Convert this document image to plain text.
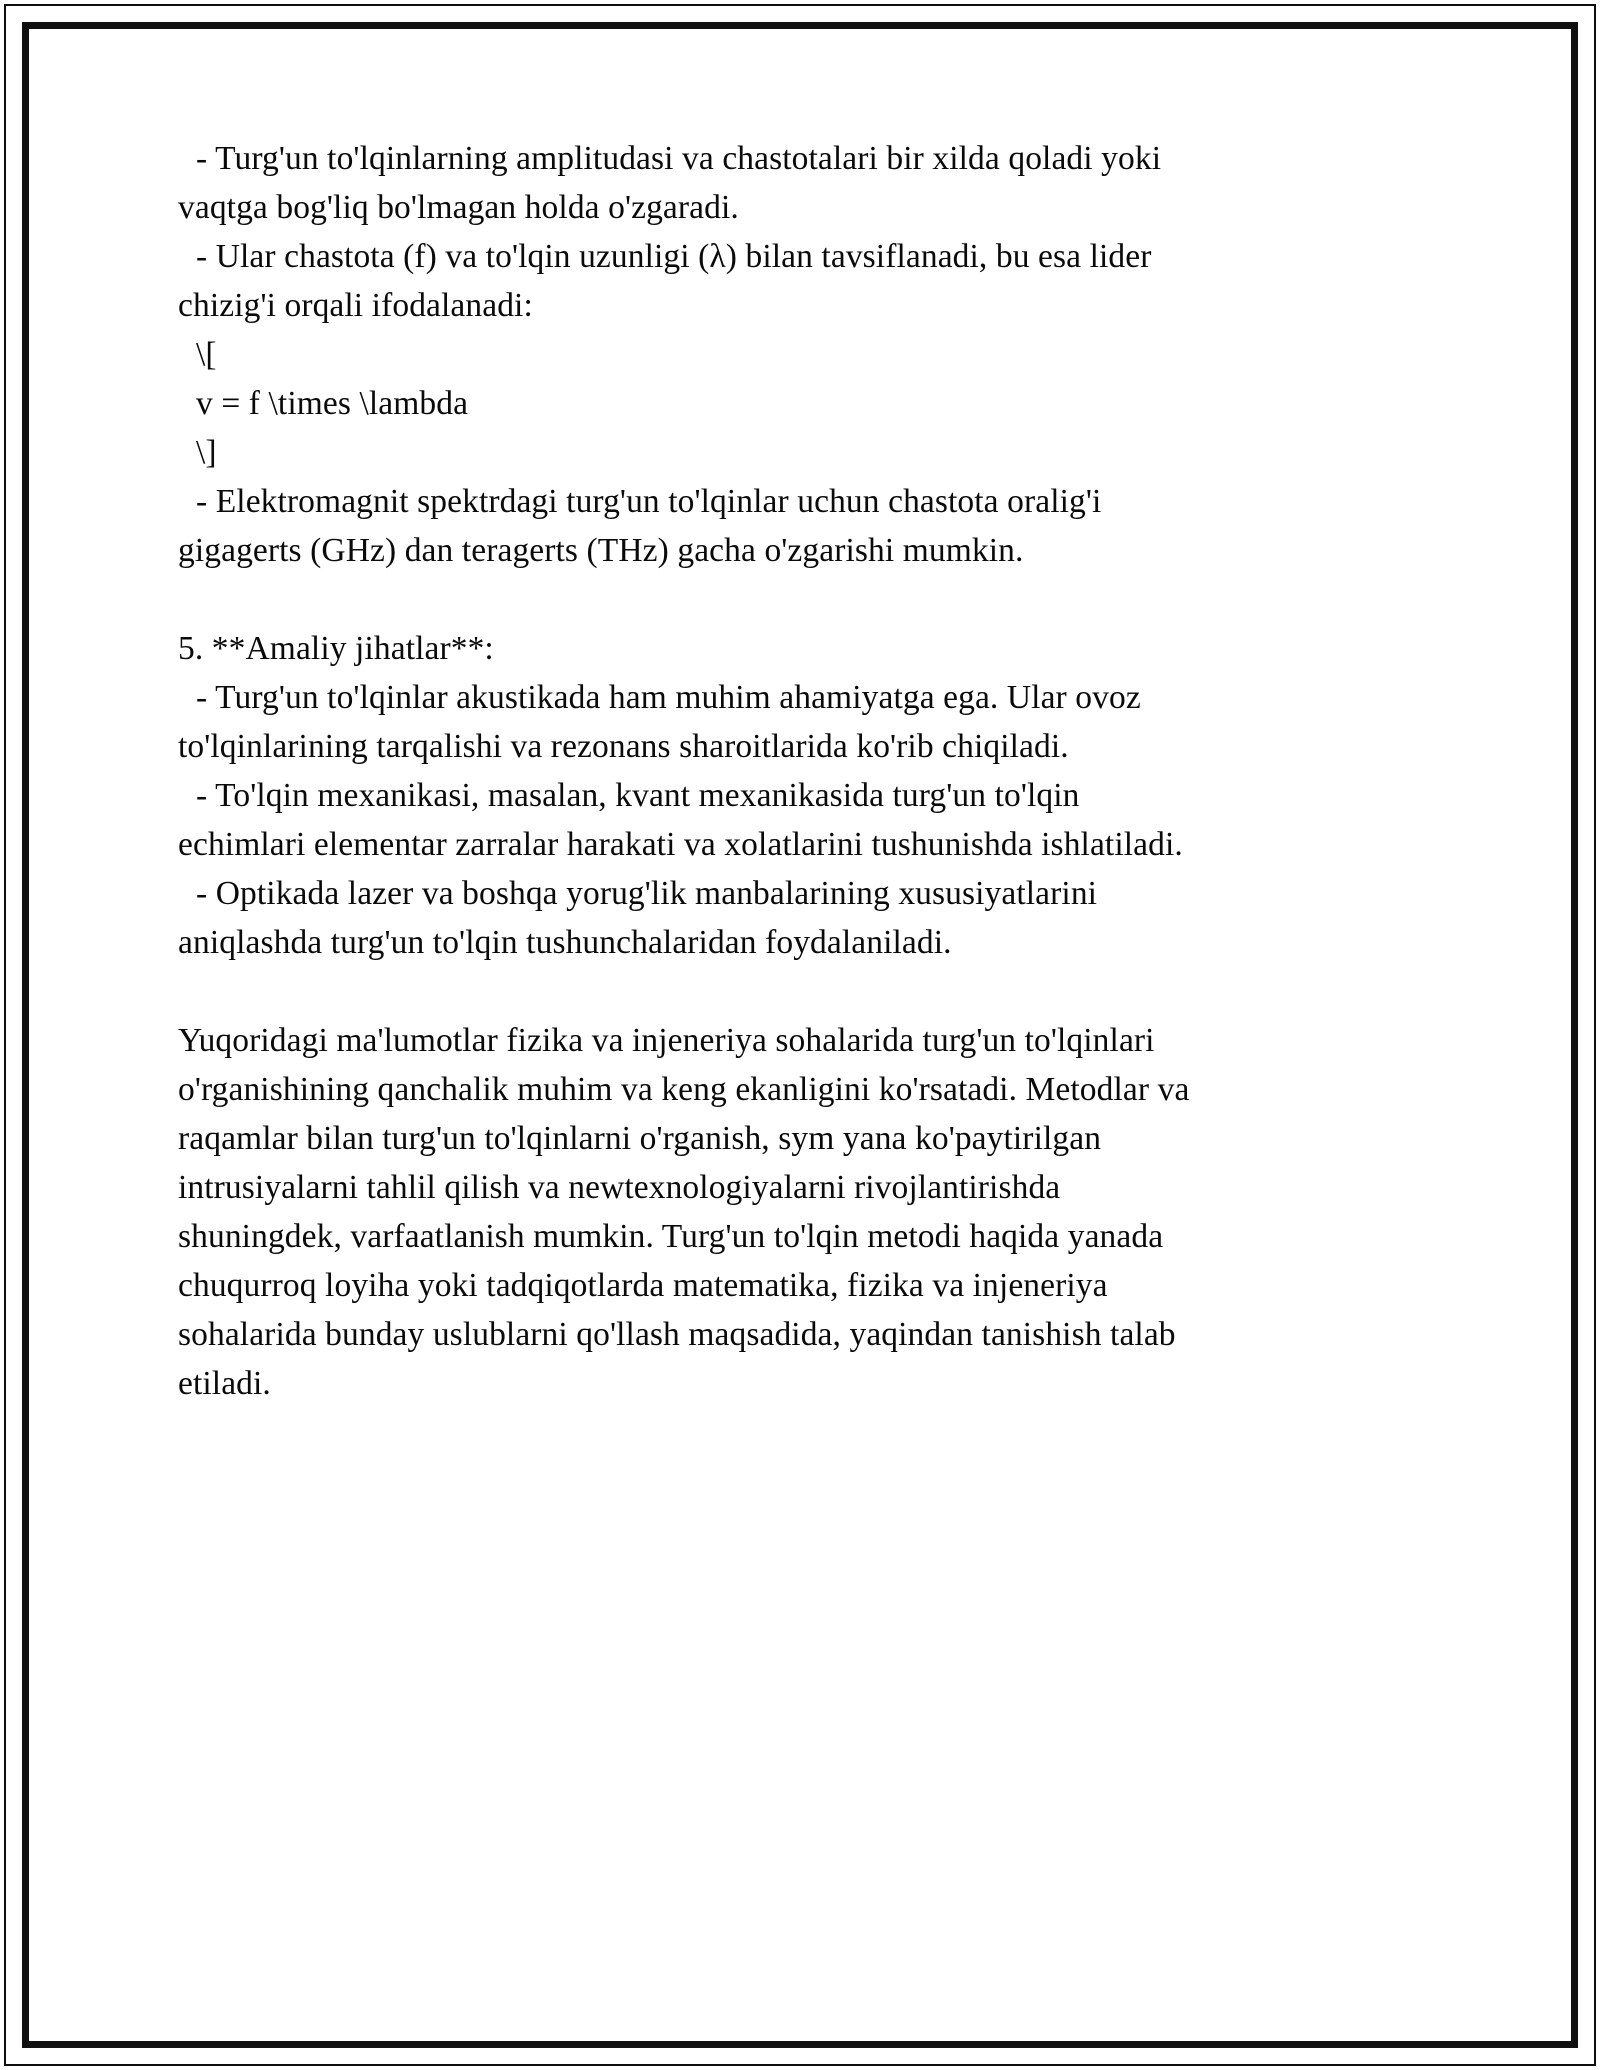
- Turg'un to'lqinlarning amplitudasi va chastotalari bir xilda qoladi yoki
vaqtga bog'liq bo'lmagan holda o'zgaradi.
- Ular chastota (f) va to'lqin uzunligi (λ) bilan tavsiflanadi, bu esa lider
chizig'i orqali ifodalanadi:
\[
v = f \times \lambda
\]
- Elektromagnit spektrdagi turg'un to'lqinlar uchun chastota oralig'i
gigagerts (GHz) dan teragerts (THz) gacha o'zgarishi mumkin.
5. **Amaliy jihatlar**:
- Turg'un to'lqinlar akustikada ham muhim ahamiyatga ega. Ular ovoz
to'lqinlarining tarqalishi va rezonans sharoitlarida ko'rib chiqiladi.
- To'lqin mexanikasi, masalan, kvant mexanikasida turg'un to'lqin
echimlari elementar zarralar harakati va xolatlarini tushunishda ishlatiladi.
- Optikada lazer va boshqa yorug'lik manbalarining xususiyatlarini
aniqlashda turg'un to'lqin tushunchalaridan foydalaniladi.
Yuqoridagi ma'lumotlar fizika va injeneriya sohalarida turg'un to'lqinlari
o'rganishining qanchalik muhim va keng ekanligini ko'rsatadi. Metodlar va
raqamlar bilan turg'un to'lqinlarni o'rganish, sym yana ko'paytirilgan
intrusiyalarni tahlil qilish va newtexnologiyalarni rivojlantirishda
shuningdek, varfaatlanish mumkin. Turg'un to'lqin metodi haqida yanada
chuqurroq loyiha yoki tadqiqotlarda matematika, fizika va injeneriya
sohalarida bunday uslublarni qo'llash maqsadida, yaqindan tanishish talab
etiladi.
